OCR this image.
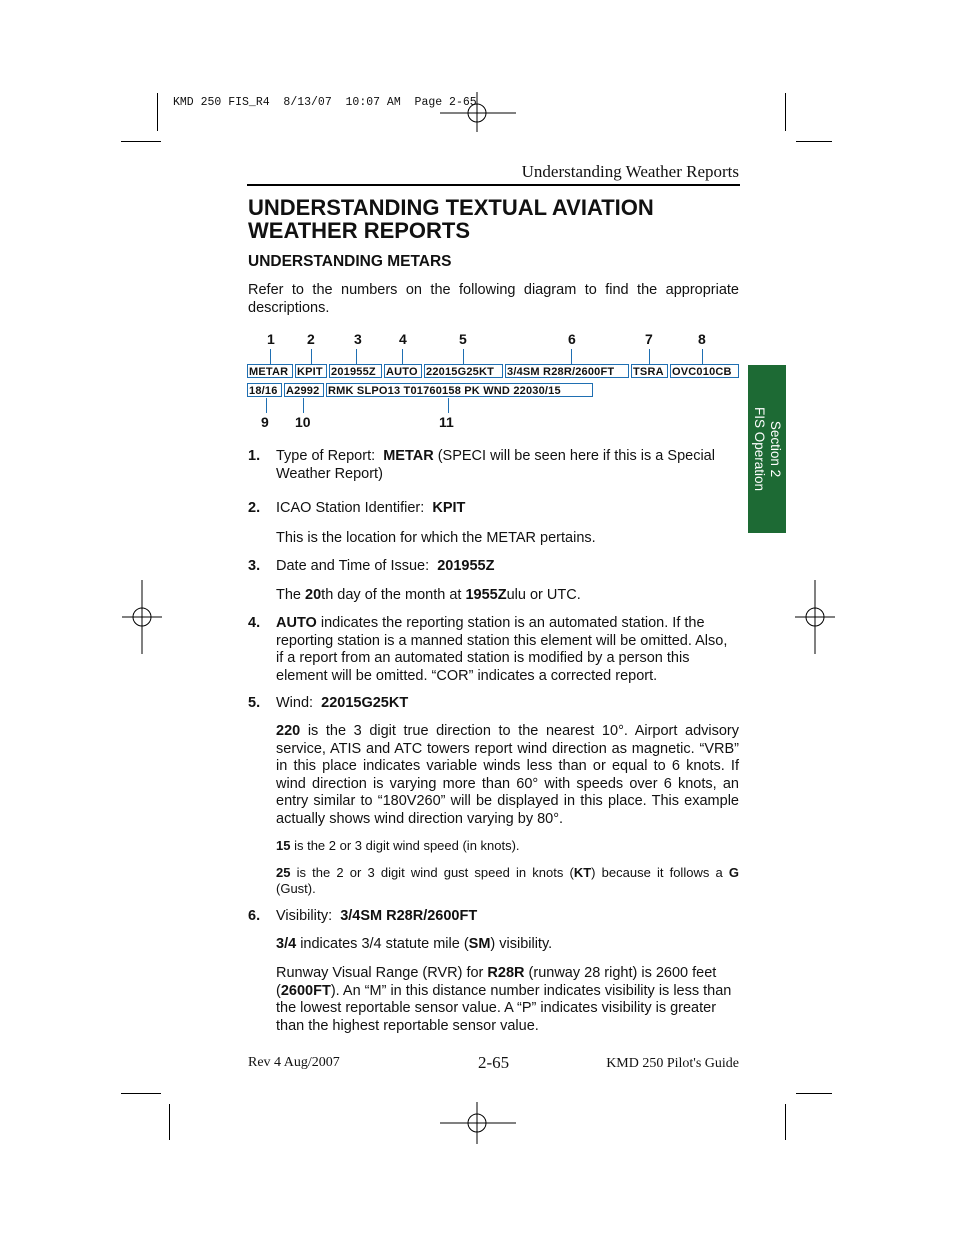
KMD 250 FIS_R4  8/13/07  10:07 AM  Page 2-65
Understanding Weather Reports
UNDERSTANDING TEXTUAL AVIATION
WEATHER REPORTS
UNDERSTANDING METARS
Refer to the numbers on the following diagram to find the appropriate descriptions.
1 2	3	4	5	6	7	8
METAR KPIT 201955Z AUTO 22015G25KT	3/4SM R28R/2600FT	TSRA OVC010CB
18/16 A2992 RMK SLPO13 T01760158 PK WND 22030/15
9 10	11	Section 2
FIS Operation
1. Type of Report: METAR (SPECI will be seen here if this is a Special Weather Report)
2. ICAO Station Identifier: KPIT
This is the location for which the METAR pertains.
3. Date and Time of Issue: 201955Z
The 20th day of the month at 1955Zulu or UTC.
4. AUTO indicates the reporting station is an automated station. If the reporting station is a manned station this element will be omitted. Also, if a report from an automated station is modified by a person this element will be omitted. “COR” indicates a corrected report.
5. Wind: 22015G25KT
220 is the 3 digit true direction to the nearest 10°. Airport advisory service, ATIS and ATC towers report wind direction as magnetic. “VRB” in this place indicates variable winds less than or equal to 6 knots. If wind direction is varying more than 60° with speeds over 6 knots, an entry similar to “180V260” will be displayed in this place. This example actually shows wind direction varying by 80°.
15 is the 2 or 3 digit wind speed (in knots).
25 is the 2 or 3 digit wind gust speed in knots (KT) because it follows a G (Gust).
6. Visibility: 3/4SM R28R/2600FT
3/4 indicates 3/4 statute mile (SM) visibility.
Runway Visual Range (RVR) for R28R (runway 28 right) is 2600 feet (2600FT). An “M” in this distance number indicates visibility is less than the lowest reportable sensor value. A “P” indicates visibility is greater than the highest reportable sensor value.
Rev 4 Aug/2007	2-65	KMD 250 Pilot's Guide
